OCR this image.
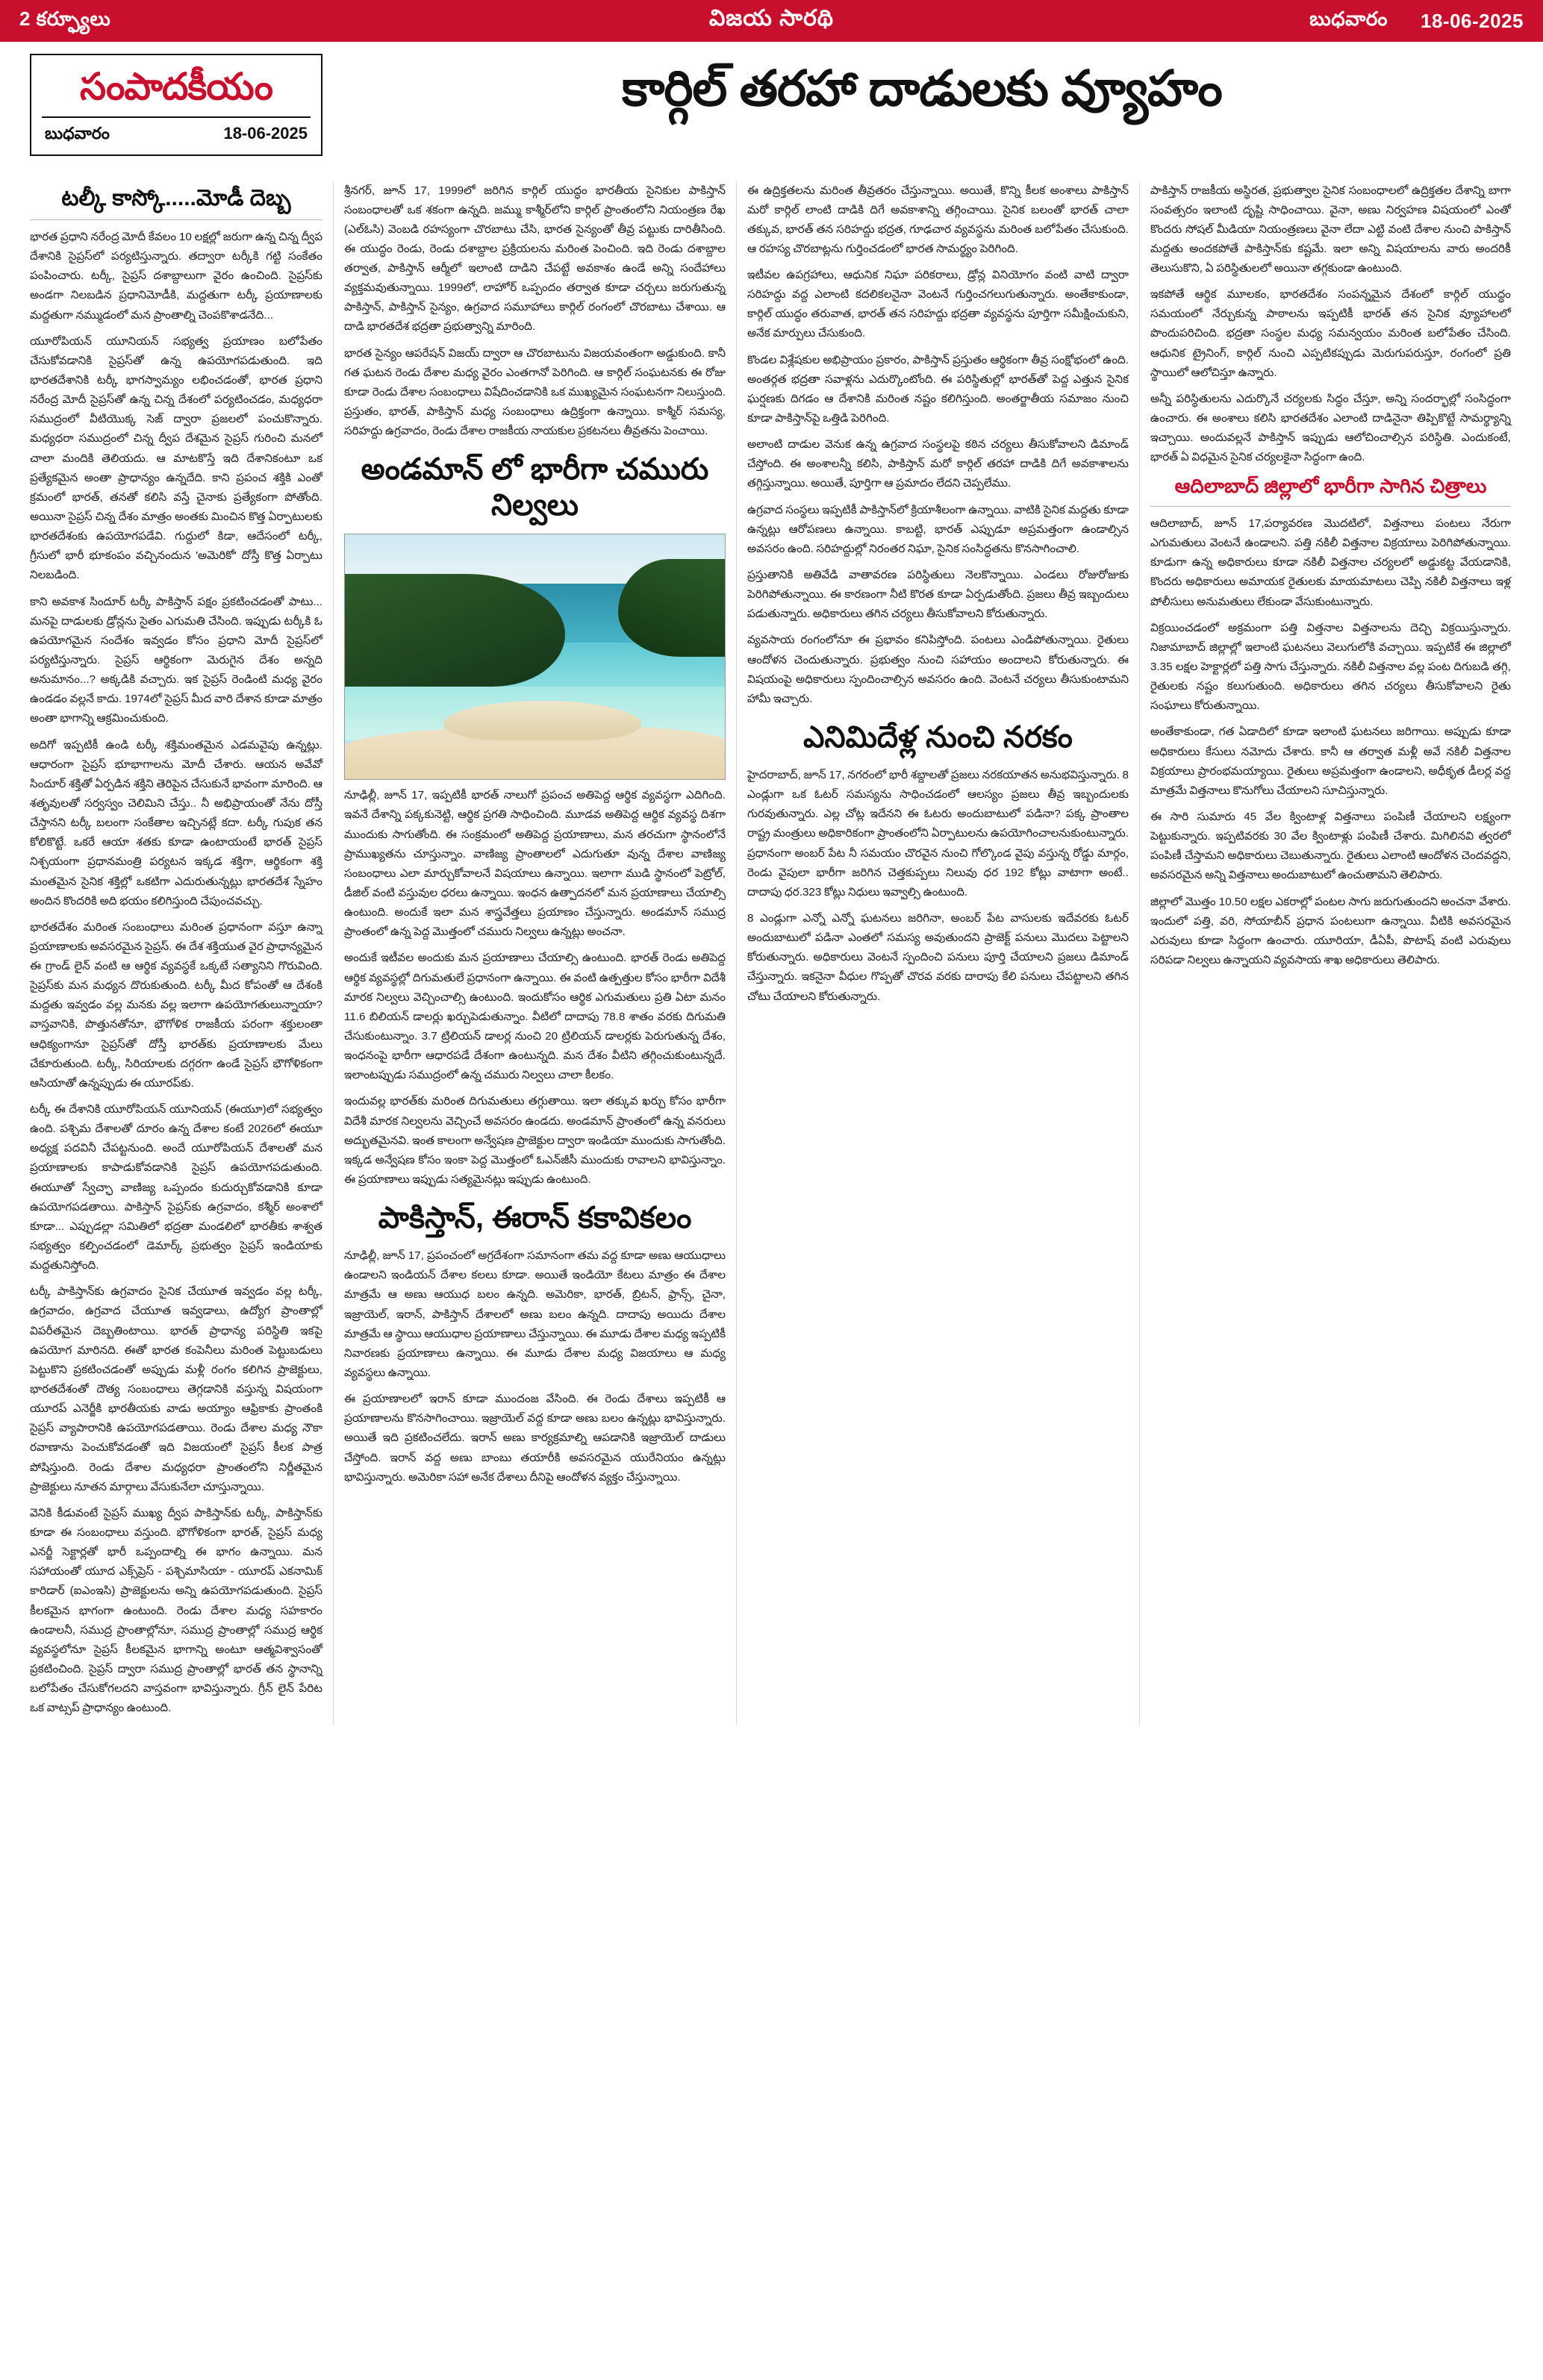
2 కర్ఫ్యూలు	విజయ సారథి	బుధవారం 18-06-2025
సంపాదకీయం
బుధవారం	18-06-2025
కార్గిల్ తరహా దాడులకు వ్యూహం
టల్కీ కాస్కో.....మోడీ దెబ్బ

భారత ప్రధాని నరేంద్ర మోదీ కేవలం 10 లక్షల్లో జరుగా ఉన్న చిన్న ద్వీప దేశానికి సైప్రస్‌లో పర్యటిస్తున్నారు. తద్వారా టర్కీకి గట్టి సంకేతం పంపించారు. టర్కీ, సైప్రస్ దశాబ్దాలుగా వైరం ఉంచింది. సైప్రస్‌కు అండగా నిలబడిన ప్రధానిమోడీకి, మద్దతుగా టర్కీ ప్రయాణాలకు మద్దతుగా నమ్ముడంలో మన ప్రాంతాల్ని చెంపకొశాడనేది...

యూరోపియన్ యూనియన్ సభ్యత్వ ప్రయాణం బలోపేతం చేసుకోవడానికి సైప్రస్‌తో ఉన్న ఉపయోగపడుతుంది. ఇది భారతదేశానికి టర్కీ భాగస్వామ్యం లభించడంతో, భారత ప్రధాని నరేంద్ర మోదీ సైప్రస్‌తో ఉన్న చిన్న దేశంలో పర్యటించడం, మధ్యధరా సముద్రంలో వీటియొక్క సెజ్ ద్వారా ప్రజలలో పంచుకొన్నారు. మధ్యధరా సముద్రంలో చిన్న ద్వీప దేశమైన సైప్రస్ గురించి మనలో చాలా మందికి తెలియదు. ఆ మాటకొస్తే ఇది దేశానికంటూ ఒక ప్రత్యేకమైన అంతా ప్రాధాన్యం ఉన్నదేది. కాని ప్రపంచ శక్తికి ఎంతో క్రమంలో భారత్, తనతో కలిసి వస్తే చైనాకు ప్రత్యేకంగా పోతోంది. అయినా సైప్రస్ చిన్న దేశం మాత్రం అంతకు మించిన కొత్త ఏర్పాటులకు భారతదేశంకు ఉపయోగపడేవి. గుద్దులో కిడా, ఆదేసంలో టర్కీ, గ్రీసులో భారీ భూకంపం వచ్చినందున 'అమెరికో' దోస్తీ కొత్త ఏర్పాటు నిలబడింది.

కాని అవకాశ సిందూర్ టర్కీ పాకిస్తాన్ పక్షం ప్రకటించడంతో పాటు... మనపై దాడులకు డ్రోన్లను సైతం ఎగుమతి చేసింది. ఇప్పుడు టర్కీకి ఓ ఉపయోగమైన సందేశం ఇవ్వడం కోసం ప్రధాని మోదీ సైప్రస్‌లో పర్యటిస్తున్నారు. సైప్రస్ ఆర్థికంగా మెరుగైన దేశం అన్నది అనుమానం...? అక్కడికి వచ్చారు. ఇక సైప్రస్ రెండింటి మధ్య వైరం ఉండడం వల్లనే కాదు. 1974లో సైప్రస్ మీద వారి దేశాన కూడా మాత్రం అంతా భాగాన్ని ఆక్రమించుకుంది.

అదిగో ఇప్పటికీ ఉండి టర్కీ శక్తిమంతమైన ఎడమవైపు ఉన్నట్లు. ఆధారంగా సైప్రస్ భూభాగాలను మోదీ చేశారు. ఆయన అవేవో సిందూర్ శక్తితో ఏర్పడిన శక్తిని తెరిపైన చేసుకునే భావంగా మారింది. ఆ శతృవులతో సర్వస్వం చెలిమిని చేస్తు.. నీ అభిప్రాయంతో నేను దోస్తీ చేస్తానని టర్కీ బలంగా సంకేతాల ఇచ్చినట్లే కదా. టర్కీ గుపుక తన కోలికొట్టే. ఒకరే ఆయా శతకు కూడా ఉంటాయంటే భారత్ సైప్రస్ నిశ్చయంగా ప్రధానమంత్రి పర్యటన ఇక్కడ శక్తిగా, ఆర్థికంగా శక్తి మంతమైన సైనిక శక్తిల్లో ఒకటిగా ఎదురుతున్నట్లు భారతదేశ స్నేహం అందిన కొందరికి అది భయం కలిగిస్తుంది చేపుంచవచ్చు.

భారతదేశం మరింత సంబంధాలు మరింత ప్రధానంగా వస్తూ ఉన్నా ప్రయాణాలకు అవసరమైన సైప్రస్. ఈ దేశ శక్తియుత వైర ప్రాధాన్యమైన ఈ గ్రాండ్ లైన్ వంటి ఆ ఆర్థిక వ్యవస్థకే ఒక్కటే సత్యానిని గొరువింది. సైప్రస్‌కు మన మధ్యన దొరుకుతుంది. టర్కీ మీద కోపంతో ఆ దేశంకి మద్దతు ఇవ్వడం వల్ల మనకు వల్ల ఇలాగా ఉపయోగతులున్నాయా? వాస్తవానికి, పొత్తునతోనూ, భౌగోళిక రాజకీయ పరంగా శక్తులంతా ఆధిక్యంగానూ సైప్రస్‌తో దోస్తీ భారత్‌కు ప్రయాణాలకు మేలు చేకూరుతుంది. టర్కీ, సిరియాలకు దగ్గరగా ఉండే సైప్రస్ భౌగోళికంగా ఆసియాతో ఉన్నప్పుడు ఈ యూరప్‌కు.

టర్కీ ఈ దేశానికి యూరోపియన్ యూనియన్ (ఈయూ)లో సభ్యత్వం ఉంది. పశ్చిమ దేశాలతో దూరం ఉన్న దేశాల కంటే 2026లో ఈయూ అధ్యక్ష పదవినీ చేపట్టనుంది. అందే యూరోపియన్ దేశాలతో మన ప్రయాణాలకు కాపాడుకోవడానికి సైప్రస్ ఉపయోగపడుతుంది. ఈయూతో స్వేచ్ఛా వాణిజ్య ఒప్పందం కుదుర్చుకోవడానికి కూడా ఉపయోగపడతాయి. పాకిస్తాన్ సైప్రస్‌కు ఉగ్రవాదం, కశ్మీర్ అంశాలో కూడా... ఎప్పుడల్లా సమితిలో భద్రతా మండలిలో భారతీకు శాశ్వత సభ్యత్వం కల్పించడంలో డెమార్క్ ప్రభుత్వం సైప్రస్ ఇండియాకు మద్దతునిస్తోంది.

టర్కీ పాకిస్తాన్‌కు ఉగ్రవాదం సైనిక చేయూత ఇవ్వడం వల్ల టర్కీ, ఉగ్రవాదం, ఉగ్రవాద చేయూత ఇవ్వడాలు, ఉద్యోగ ప్రాంతాల్లో విపరీతమైన దెబ్బతింటాయి. భారత్ ప్రాధాన్య పరిస్థితి ఇకపై ఉపయోగ మారినది. ఈతో భారత కంపెనీలు మరింత పెట్టుబడులు పెట్టుకొని ప్రకటించడంతో అప్పుడు మళ్లీ రంగం కలిగిన ప్రాజెక్టులు, భారతదేశంతో దౌత్య సంబంధాలు తెగ్గడానికి వస్తున్న విషయంగా యూరప్ ఎనెర్జీకి భారతీయకు వాడు అయ్యాం ఆఫ్రికాకు ప్రాంతంకి సైప్రస్ వ్యాపారానికి ఉపయోగపడతాయి. రెండు దేశాల మధ్య నౌకా రవాణాను పెంచుకోవడంతో ఇది విజయంలో సైప్రస్ కీలక పాత్ర పోషిస్తుంది. రెండు దేశాల మధ్యధరా ప్రాంతంలోని నిర్ణీతమైన ప్రాజెక్టులు నూతన మార్గాలు వేసుకునేలా చూస్తున్నాయి.

వెనికి కీడువంటే సైప్రస్ ముఖ్య ద్వీప పాకిస్తాన్‌కు టర్కీ, పాకిస్తాన్‌కు కూడా ఈ సంబంధాలు వస్తుంది. భౌగోళికంగా భారత్, సైప్రస్ మధ్య ఎనర్జీ సెక్టార్లతో భారీ ఒప్పందాల్ని ఈ భాగం ఉన్నాయి. మన సహాయంతో యూద ఎక్స్‌ప్రెస్ - పశ్చిమాసియా - యూరప్ ఎకనామిక్ కారిడార్ (ఐఎంఇసి) ప్రాజెక్టులను అన్ని ఉపయోగపడుతుంది. సైప్రస్ కీలకమైన భాగంగా ఉంటుంది. రెండు దేశాల మధ్య సహకారం ఉండాలనీ, సముద్ర ప్రాంతాల్లోనూ, సముద్ర ప్రాంతాల్లో సముద్ర ఆర్థిక వ్యవస్థలోనూ సైప్రస్ కీలకమైన భాగాన్ని అంటూ ఆత్మవిశ్వాసంతో ప్రకటించింది. సైప్రస్ ద్వారా సముద్ర ప్రాంతాల్లో భారత్ తన స్థానాన్ని బలోపేతం చేసుకోగలదని వాస్తవంగా భావిస్తున్నారు. గ్రీన్ లైన్ పేరిట ఒక వాట్సప్ ప్రాధాన్యం ఉంటుంది.

శ్రీనగర్, జూన్ 17, 1999లో జరిగిన కార్గిల్ యుద్ధం భారతీయ సైనికుల పాకిస్తాన్ సంబంధాలతో ఒక శకంగా ఉన్నది. జమ్ము కాశ్మీర్‌లోని కార్గిల్ ప్రాంతంలోని నియంత్రణ రేఖ (ఎల్‌ఓసి) వెంబడి రహస్యంగా చొరబాటు చేసి, భారత సైన్యంతో తీవ్ర పట్టుకు దారితీసింది. ఈ యుద్ధం రెండు, రెండు దశాబ్దాల ప్రక్రియలను మరింత పెంచింది. ఇది రెండు దశాబ్దాల తర్వాత, పాకిస్తాన్ ఆర్మీలో ఇలాంటి దాడిని చేపట్టే అవకాశం ఉండే అన్ని సందేహాలు వ్యక్తమవుతున్నాయి. 1999లో, లాహోర్ ఒప్పందం తర్వాత కూడా చర్చలు జరుగుతున్న పాకిస్తాన్, పాకిస్తాన్ సైన్యం, ఉగ్రవాద సమూహాలు కార్గిల్ రంగంలో చొరబాటు చేశాయి. ఆ దాడి భారతదేశ భద్రతా ప్రభుత్వాన్ని మారింది.

భారత సైన్యం ఆపరేషన్ విజయ్ ద్వారా ఆ చొరబాటును విజయవంతంగా అడ్డుకుంది. కానీ గత ఘటన రెండు దేశాల మధ్య వైరం ఎంతగానో పెరిగింది. ఆ కార్గిల్ సంఘటనకు ఈ రోజు కూడా రెండు దేశాల సంబంధాలు విషేదించడానికి ఒక ముఖ్యమైన సంఘటనగా నిలుస్తుంది. ప్రస్తుతం, భారత్, పాకిస్తాన్ మధ్య సంబంధాలు ఉద్రిక్తంగా ఉన్నాయి. కాశ్మీర్ సమస్య, సరిహద్దు ఉగ్రవాదం, రెండు దేశాల రాజకీయ నాయకుల ప్రకటనలు తీవ్రతను పెంచాయి.

అండమాన్ లో భారీగా చమురు నిల్వలు

నూఢిల్లీ, జూన్ 17, ఇప్పటికీ భారత్ నాలుగో ప్రపంచ అతిపెద్ద ఆర్థిక వ్యవస్థగా ఎదిగింది. ఇవనే దేశాన్ని పక్కకునెట్టి, ఆర్థిక ప్రగతి సాధించింది. మూడవ అతిపెద్ద ఆర్థిక వ్యవస్థ దిశగా ముందుకు సాగుతోంది. ఈ సంక్రమంలో అతిపెద్ద ప్రయాణాలు, మన తరచుగా స్థానంలోనే ప్రాముఖ్యతను చూస్తున్నాం. వాణిజ్య ప్రాంతాలలో ఎదుగుతూ వున్న దేశాల వాణిజ్య సంబంధాలు ఎలా మార్చుకోవాలనే విషయాలు ఉన్నాయి. ఇలాగా ముడి స్థానంలో పెట్రోల్, డీజిల్ వంటి వస్తువుల ధరలు ఉన్నాయి. ఇంధన ఉత్పాదనలో మన ప్రయాణాలు చేయాల్సి ఉంటుంది. అందుకే ఇలా మన శాస్త్రవేత్తలు ప్రయాణం చేస్తున్నారు. అండమాన్ సముద్ర ప్రాంతంలో ఉన్న పెద్ద మొత్తంలో చమురు నిల్వలు ఉన్నట్లు అంచనా.

అందుకే ఇటీవల అందుకు మన ప్రయాణాలు చేయాల్సి ఉంటుంది. భారత్ రెండు అతిపెద్ద ఆర్థిక వ్యవస్థల్లో దిగుమతులే ప్రధానంగా ఉన్నాయి. ఈ వంటి ఉత్పత్తుల కోసం భారీగా విదేశీ మారక నిల్వలు వెచ్చించాల్సి ఉంటుంది. ఇందుకోసం ఆర్థిక ఎగుమతులు ప్రతి ఏటా మనం 11.6 బిలియన్ డాలర్లు ఖర్చుపెడుతున్నాం. వీటిలో దాదాపు 78.8 శాతం వరకు దిగుమతి చేసుకుంటున్నాం. 3.7 ట్రిలియన్ డాలర్ల నుంచి 20 ట్రిలియన్ డాలర్లకు పెరుగుతున్న దేశం, ఇంధనంపై భారీగా ఆధారపడే దేశంగా ఉంటున్నది. మన దేశం వీటిని తగ్గించుకుంటున్నదే. ఇలాంటప్పుడు సముద్రంలో ఉన్న చమురు నిల్వలు చాలా కీలకం.

ఇందువల్ల భారత్‌కు మరింత దిగుమతులు తగ్గుతాయి. ఇలా తక్కువ ఖర్చు కోసం భారీగా విదేశీ మారక నిల్వలను వెచ్చించే అవసరం ఉండదు. అండమాన్ ప్రాంతంలో ఉన్న వనరులు అద్భుతమైనవి. ఇంత కాలంగా అన్వేషణ ప్రాజెక్టుల ద్వారా ఇండియా ముందుకు సాగుతోంది. ఇక్కడ అన్వేషణ కోసం ఇంకా పెద్ద మొత్తంలో ఓఎన్‌జీసీ ముందుకు రావాలని భావిస్తున్నాం. ఈ ప్రయాణాలు ఇప్పుడు సత్యమైనట్లు ఇప్పుడు ఉంటుంది.

పాకిస్తాన్, ఈరాన్ కకావికలం

నూఢిల్లీ, జూన్ 17, ప్రపంచంలో అగ్రదేశంగా సమానంగా తమ వద్ద కూడా అణు ఆయుధాలు ఉండాలని ఇండియన్ దేశాల కలలు కూడా. అయితే ఇండియో కేటలు మాత్రం ఈ దేశాల మాత్రమే ఆ అణు ఆయుధ బలం ఉన్నది. అమెరికా, భారత్, బ్రిటన్, ఫ్రాన్స్, చైనా, ఇజ్రాయెల్, ఇరాన్, పాకిస్తాన్ దేశాలలో అణు బలం ఉన్నది. దాదాపు అయిదు దేశాల మాత్రమే ఆ స్థాయి ఆయుధాల ప్రయాణాలు చేస్తున్నాయి. ఈ మూడు దేశాల మధ్య ఇప్పటికీ నివారణకు ప్రయాణాలు ఉన్నాయి. ఈ మూడు దేశాల మధ్య విజయాలు ఆ మధ్య వ్యవస్థలు ఉన్నాయి.

ఈ ప్రయాణాలలో ఇరాన్ కూడా ముందంజ వేసింది. ఈ రెండు దేశాలు ఇప్పటికీ ఆ ప్రయాణాలను కొనసాగించాయి. ఇజ్రాయెల్ వద్ద కూడా అణు బలం ఉన్నట్లు భావిస్తున్నారు. అయితే ఇది ప్రకటించలేదు. ఇరాన్ అణు కార్యక్రమాల్ని ఆపడానికి ఇజ్రాయెల్ దాడులు చేస్తోంది. ఇరాన్ వద్ద అణు బాంబు తయారీకి అవసరమైన యురేనియం ఉన్నట్లు భావిస్తున్నారు. అమెరికా సహా అనేక దేశాలు దీనిపై ఆందోళన వ్యక్తం చేస్తున్నాయి.

ఈ ఉద్రిక్తతలను మరింత తీవ్రతరం చేస్తున్నాయి. అయితే, కొన్ని కీలక అంశాలు పాకిస్తాన్ మరో కార్గిల్ లాంటి దాడికి దిగే అవకాశాన్ని తగ్గించాయి. సైనిక బలంతో భారత్ చాలా తక్కువ, భారత్ తన సరిహద్దు భద్రత, గూఢచార వ్యవస్థను మరింత బలోపేతం చేసుకుంది. ఆ రహస్య చొరబాట్లను గుర్తించడంలో భారత సామర్థ్యం పెరిగింది.

ఇటీవల ఉపగ్రహాలు, ఆధునిక నిఘా పరికరాలు, డ్రోన్ల వినియోగం వంటి వాటి ద్వారా సరిహద్దు వద్ద ఎలాంటి కదలికలనైనా వెంటనే గుర్తించగలుగుతున్నారు. అంతేకాకుండా, కార్గిల్ యుద్ధం తరువాత, భారత్ తన సరిహద్దు భద్రతా వ్యవస్థను పూర్తిగా సమీక్షించుకుని, అనేక మార్పులు చేసుకుంది.

కొండల విశ్లేషకుల అభిప్రాయం ప్రకారం, పాకిస్తాన్ ప్రస్తుతం ఆర్థికంగా తీవ్ర సంక్షోభంలో ఉంది. అంతర్గత భద్రతా సవాళ్లను ఎదుర్కొంటోంది. ఈ పరిస్థితుల్లో భారత్‌తో పెద్ద ఎత్తున సైనిక ఘర్షణకు దిగడం ఆ దేశానికి మరింత నష్టం కలిగిస్తుంది. అంతర్జాతీయ సమాజం నుంచి కూడా పాకిస్తాన్‌పై ఒత్తిడి పెరిగింది.

అలాంటి దాడుల వెనుక ఉన్న ఉగ్రవాద సంస్థలపై కఠిన చర్యలు తీసుకోవాలని డిమాండ్ చేస్తోంది. ఈ అంశాలన్నీ కలిసి, పాకిస్తాన్ మరో కార్గిల్ తరహా దాడికి దిగే అవకాశాలను తగ్గిస్తున్నాయి. అయితే, పూర్తిగా ఆ ప్రమాదం లేదని చెప్పలేము.

ఉగ్రవాద సంస్థలు ఇప్పటికీ పాకిస్తాన్‌లో క్రియాశీలంగా ఉన్నాయి. వాటికి సైనిక మద్దతు కూడా ఉన్నట్లు ఆరోపణలు ఉన్నాయి. కాబట్టి, భారత్ ఎప్పుడూ అప్రమత్తంగా ఉండాల్సిన అవసరం ఉంది. సరిహద్దుల్లో నిరంతర నిఘా, సైనిక సంసిద్ధతను కొనసాగించాలి.

ప్రస్తుతానికి అతివేడి వాతావరణ పరిస్థితులు నెలకొన్నాయి. ఎండలు రోజురోజుకు పెరిగిపోతున్నాయి. ఈ కారణంగా నీటి కొరత కూడా ఏర్పడుతోంది. ప్రజలు తీవ్ర ఇబ్బందులు పడుతున్నారు. అధికారులు తగిన చర్యలు తీసుకోవాలని కోరుతున్నారు.

వ్యవసాయ రంగంలోనూ ఈ ప్రభావం కనిపిస్తోంది. పంటలు ఎండిపోతున్నాయి. రైతులు ఆందోళన చెందుతున్నారు. ప్రభుత్వం నుంచి సహాయం అందాలని కోరుతున్నారు. ఈ విషయంపై అధికారులు స్పందించాల్సిన అవసరం ఉంది. వెంటనే చర్యలు తీసుకుంటామని హామీ ఇచ్చారు.

ఎనిమిదేళ్ల నుంచి నరకం

హైదరాబాద్, జూన్ 17, నగరంలో భారీ శబ్దాలతో ప్రజలు నరకయాతన అనుభవిస్తున్నారు. 8 ఎండ్లుగా ఒక ఓటర్ సమస్యను సాధించడంలో ఆలస్యం ప్రజలు తీవ్ర ఇబ్బందులకు గురవుతున్నారు. ఎల్ల చోట్ల ఇదేనని ఈ ఓటరు అందుబాటులో పడినా? పక్క ప్రాంతాల రాష్ట్ర మంత్రులు అధికారికంగా ప్రాంతంలోని ఏర్పాటులను ఉపయోగించాలనుకుంటున్నారు. ప్రధానంగా అంబర్ పేట నీ సమయం చొరవైన నుంచి గోల్కొండ వైపు వస్తున్న రోడ్డు మార్గం, రెండు వైపులా భారీగా జరిగిన చెత్తకుప్పలు నిలువు ధర 192 కోట్లు వాటాగా అంటే.. దాదాపు ధర.323 కోట్లు నిధులు ఇవ్వాల్సి ఉంటుంది.

8 ఎండ్లుగా ఎన్నో ఎన్నో ఘటనలు జరిగినా, అంబర్ పేట వాసులకు ఇదేవరకు ఓటర్ అందుబాటులో పడినా ఎంతలో సమస్య అవుతుందని ప్రాజెక్ట్ పనులు మొదలు పెట్టాలని కోరుతున్నారు. అధికారులు వెంటనే స్పందించి పనులు పూర్తి చేయాలని ప్రజలు డిమాండ్ చేస్తున్నారు. ఇకనైనా వీధుల గొప్పతో చొరవ వరకు దారాపు కేలి పనులు చేపట్టాలని తగిన చోటు చేయాలని కోరుతున్నారు.

పాకిస్తాన్ రాజకీయ అస్థిరత, ప్రభుత్వాల సైనిక సంబంధాలలో ఉద్రిక్తతల దేశాన్ని బాగా సంవత్సరం ఇలాంటి దృష్టి సాధించాయి. వైనా, అణు నిర్వహణ విషయంలో ఎంతో కొందరు సోషల్ మీడియా నియంత్రణలు వైనా లేదా ఎట్టి వంటి దేశాల నుంచి పాకిస్తాన్ మద్దతు అందకపోతే పాకిస్తాన్‌కు కష్టమే. ఇలా అన్ని విషయాలను వారు అందరికీ తెలుసుకొని, ఏ పరిస్థితులలో అయినా తగ్గకుండా ఉంటుంది.

ఇకపోతే ఆర్థిక మూలకం, భారతదేశం సంపన్నమైన దేశంలో కార్గిల్ యుద్ధం సమయంలో నేర్చుకున్న పాఠాలను ఇప్పటికీ భారత్ తన సైనిక వ్యూహాలలో పొందుపరిచింది. భద్రతా సంస్థల మధ్య సమన్వయం మరింత బలోపేతం చేసింది. ఆధునిక ట్రైనింగ్, కార్గిల్ నుంచి ఎప్పటికప్పుడు మెరుగుపరుస్తూ, రంగంలో ప్రతి స్థాయిలో ఆలోచిస్తూ ఉన్నారు.

అన్నీ పరిస్థితులను ఎదుర్కొనే చర్యలకు సిద్ధం చేస్తూ, అన్ని సందర్భాల్లో సంసిద్ధంగా ఉంచారు. ఈ అంశాలు కలిసి భారతదేశం ఎలాంటి దాడినైనా తిప్పికొట్టే సామర్థ్యాన్ని ఇచ్చాయి. అందువల్లనే పాకిస్తాన్ ఇప్పుడు ఆలోచించాల్సిన పరిస్థితి. ఎందుకంటే, భారత్ ఏ విధమైన సైనిక చర్యలకైనా సిద్ధంగా ఉంది.

ఆదిలాబాద్ జిల్లాలో భారీగా సాగిన చిత్రాలు

ఆదిలాబాద్, జూన్ 17,పర్యావరణ మొదటిలో, విత్తనాలు పంటలు నేరుగా ఎగుమతులు వెంటనే ఉండాలని. పత్తి నకిలీ విత్తనాల విక్రయాలు పెరిగిపోతున్నాయి. కూడుగా ఉన్న అధికారులు కూడా నకిలీ విత్తనాల చర్యలలో అడ్డుకట్ట వేయడానికి, కొందరు అధికారులు అమాయక రైతులకు మాయమాటలు చెప్పి నకిలీ విత్తనాలు ఇళ్ల పోలీసులు అనుమతులు లేకుండా వేసుకుంటున్నారు.

విక్రయించడంలో అక్రమంగా పత్తి విత్తనాల విత్తనాలను దెచ్చి విక్రయిస్తున్నారు. నిజామాబాద్ జిల్లాల్లో ఇలాంటి ఘటనలు వెలుగులోకి వచ్చాయి. ఇప్పటికే ఈ జిల్లాలో 3.35 లక్షల హెక్టార్లలో పత్తి సాగు చేస్తున్నారు. నకిలీ విత్తనాల వల్ల పంట దిగుబడి తగ్గి, రైతులకు నష్టం కలుగుతుంది. అధికారులు తగిన చర్యలు తీసుకోవాలని రైతు సంఘాలు కోరుతున్నాయి.

అంతేకాకుండా, గత ఏడాదిలో కూడా ఇలాంటి ఘటనలు జరిగాయి. అప్పుడు కూడా అధికారులు కేసులు నమోదు చేశారు. కానీ ఆ తర్వాత మళ్లీ అవే నకిలీ విత్తనాల విక్రయాలు ప్రారంభమయ్యాయి. రైతులు అప్రమత్తంగా ఉండాలని, అధీకృత డీలర్ల వద్ద మాత్రమే విత్తనాలు కొనుగోలు చేయాలని సూచిస్తున్నారు.

ఈ సారి సుమారు 45 వేల క్వింటాళ్ల విత్తనాలు పంపిణీ చేయాలని లక్ష్యంగా పెట్టుకున్నారు. ఇప్పటివరకు 30 వేల క్వింటాళ్లు పంపిణీ చేశారు. మిగిలినవి త్వరలో పంపిణీ చేస్తామని అధికారులు చెబుతున్నారు. రైతులు ఎలాంటి ఆందోళన చెందవద్దని, అవసరమైన అన్ని విత్తనాలు అందుబాటులో ఉంచుతామని తెలిపారు.

జిల్లాలో మొత్తం 10.50 లక్షల ఎకరాల్లో పంటల సాగు జరుగుతుందని అంచనా వేశారు. ఇందులో పత్తి, వరి, సోయాబీన్ ప్రధాన పంటలుగా ఉన్నాయి. వీటికి అవసరమైన ఎరువులు కూడా సిద్ధంగా ఉంచారు. యూరియా, డీఏపీ, పొటాష్ వంటి ఎరువులు సరిపడా నిల్వలు ఉన్నాయని వ్యవసాయ శాఖ అధికారులు తెలిపారు.
